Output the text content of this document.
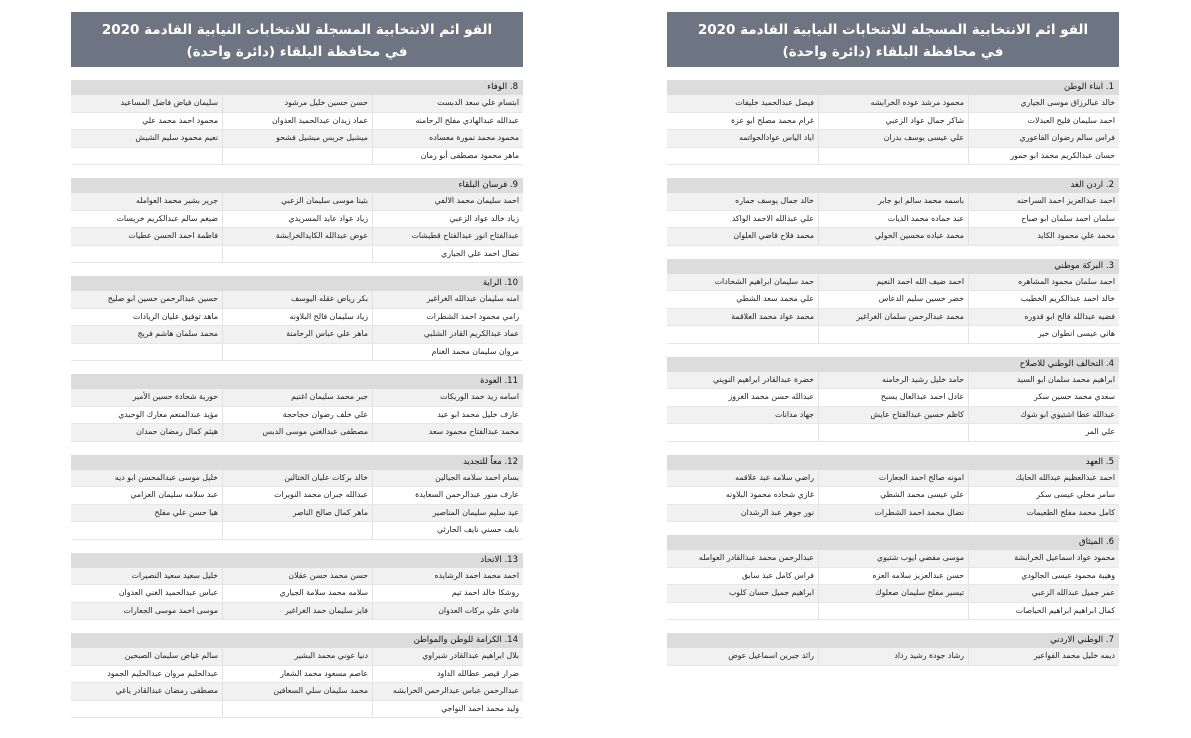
القو ائم الانتخابية المسجلة للانتخابات النيابية القادمة 2020
في محافظة البلقاء (دائرة واحدة)
8. الوفاء
ابتسام علي سعد الدبست
حسن حسين خليل مرشود
سليمان فياض فاضل المساعيد
عبدالله عبدالهادي مفلح الرحامنه
عماد زيدان عبدالحميد العدوان
محمود احمد محمد علي
محمود محمد نمورة معساده
ميشيل جريس ميشيل فشحو
نعيم محمود سليم الشيش
ماهر محمود مصطفى أبو رمان
9. فرسان البلقاء
احمد سليمان محمد الالفي
بثينا موسى سليمان الزعبي
جرير بشير محمد العوامله
زياد خالد عواد الزعبي
زياد عواد عايد المسريدي
ضيغم سالم عبدالكريم خريسات
عبدالفتاح انور عبدالفتاح قطيشات
عوض عبدالله الكايدالخرابشة
فاطمة احمد الحسن عطيات
نضال احمد علي الجياري
10. الراية
امنه سليمان عبدالله الغراغير
بكر رياض عقله اليوسف
حسين عبدالرحمن حسين ابو صليح
رامي محمود احمد الشطرات
زياد سليمان فالح البلاونه
ماهد توفيق عليان الزيادات
عماد عبدالكريم القادر الشلبي
ماهر علي عباس الرحامنة
محمد سلمان هاشم فريج
مروان سليمان محمد الغنام
11. العودة
اسامه زيد حمد الوريكات
جبر محمد سليمان اغنيم
حورية شحادة حسين الأمير
عارف خليل محمد ابو عيد
علي خلف رضوان حجاحجة
مؤيد عبدالمنعم معارك الوحيدي
محمد عبدالفتاح محمود سعد
مصطفى عبدالغني موسى الدبس
هيثم كمال رمضان حمدان
12. معاً للتجديد
بسام احمد سلامه الجيالين
خالد بركات عليان الختالين
خليل موسى عبدالمحسن ابو ديه
عارف منور عبدالرحمن السعايدة
عبدالله جبران محمد النويرات
عبد سلامه سليمان العزامي
عيد سليم سليمان المناصير
ماهر كمال صالح الناصر
هيا حسن علي مفلح
نايف حسني نايف الحارثي
13. الاتحاد
احمد محمد احمد الرشايده
حسن محمد حسن عقلان
خليل سعيد سعيد النصيرات
روشكا خالد احمد تيم
سلامه محمد سلامة الجياري
عباس عبدالحميد الغني العدوان
فادي علي بركات العدوان
فايز سليمان حمد الغراغير
موسى احمد موسى الجعارات
14. الكرامة للوطن والمواطن
بلال ابراهيم عبدالقادر شبراوي
دنيا عوني محمد البشير
سالم غياض سليمان الصبحين
ضرار قيصر عطالله الداود
عاصم مسعود محمد الشعار
عبدالحليم مروان عبدالحليم الجمود
عبدالرحمن عباس عبدالرحمن الخرابشه
محمد سليمان سلي السعافين
مصطفى رمضان عبدالقادر ياغي
وليد محمد احمد النواجي
القو ائم الانتخابية المسجلة للانتخابات النيابية القادمة 2020
في محافظة البلقاء (دائرة واحدة)
1. ابناء الوطن
خالد عبالرزاق موسى الجياري
محمود مرشد عوده الخرابشه
فيصل عبدالحميد خليفات
احمد سليمان فليح العبدلات
شاكر جمال عواد الزعبي
غرام محمد مصلح ابو عزة
فراس سالم رضوان الفاعوري
علي عيسى يوسف بدران
اياد الياس عوادالحواتمه
حسان عبدالكريم محمد ابو حمور
2. اردن الغد
احمد عبدالعزيز احمد السراحنه
باسمه محمد سالم ابو جابر
خالد جمال يوسف جماره
سلمان احمد سلمان ابو صباح
عبد حماده محمد الديات
علي عبدالله الاحمد الواكد
محمد علي محمود الكايد
محمد عباده محسين الحولي
محمد فلاح قاضي العلوان
3. البركة موطني
احمد سلمان محمود المشاهره
احمد ضيف الله احمد النعيم
حمد سليمان ابراهيم الشحادات
خالد احمد عبدالكريم الخطيب
خضر حسين سليم الدعاس
علي محمد سعد الشطي
فضيه عبدالله فالح ابو قدوره
محمد عبدالرحمن سلمان الغراغير
محمد عواد محمد العلاقمة
هاني عيسى انطوان خير
4. التحالف الوطني للاصلاح
ابراهيم محمد سلمان ابو السيد
حامد خليل رشيد الرحامنه
خضرة عبدالقادر ابراهيم النويني
سعدي محمد حسين سكر
عادل احمد عبدالعال يسبح
عبدالله حسن محمد الغروز
عبدالله عطا اشتيوي ابو شوك
كاظم حسين عبدالفتاح عايش
جهاد مدانات
علي المر
5. العهد
احمد عبدالعظيم عبدالله الحايك
امونه صالح احمد الجعارات
راضي سلامه عبد علاقمه
سامر مجلي عيسى سكر
علي عيسى محمد الشطي
غازي شحاده محمود البلاونه
كامل محمد مفلح الطعيمات
نضال محمد احمد الشطرات
نور جوهر عبد الرشدان
6. الميثاق
محمود عواد اسماعيل الخرابشة
موسى مفضي ايوب شتيوي
عبدالرحمن محمد عبدالقادر العوامله
وهيبة محمود عيسى الجالودي
حسن عبدالعزيز سلامه العزه
فراس كامل عبد سابق
عمر جميل عبدالله الزعبي
تيسير مفلح سليمان صعلوك
ابراهيم جميل حسان كلوب
كمال ابراهيم ابراهيم الحياصات
7. الوطني الاردني
ديمه خليل محمد الفواعير
رشاد جودة رشيد رداد
رائد جبرين اسماعيل عوض
